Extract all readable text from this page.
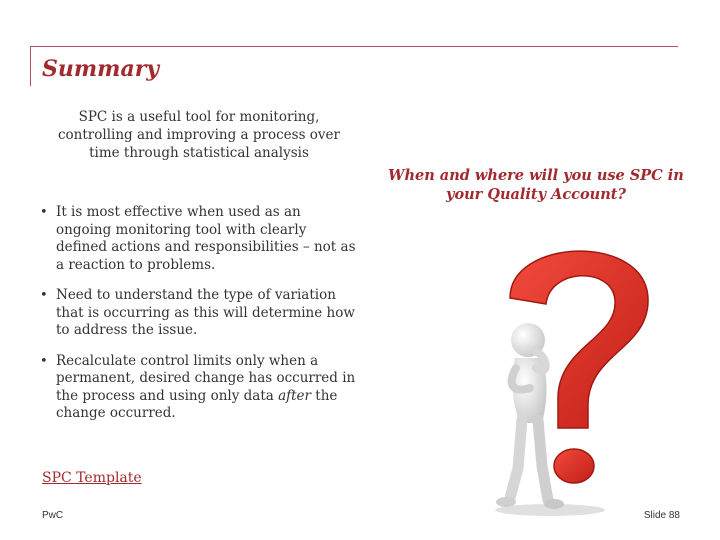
Summary
SPC is a useful tool for monitoring, controlling and improving a process over time through statistical analysis
• It is most effective when used as an ongoing monitoring tool with clearly defined actions and responsibilities – not as a reaction to problems.
• Need to understand the type of variation that is occurring as this will determine how to address the issue.
• Recalculate control limits only when a permanent, desired change has occurred in the process and using only data after the change occurred.
When and where will you use SPC in your Quality Account?
SPC Template
PwC	Slide 88
